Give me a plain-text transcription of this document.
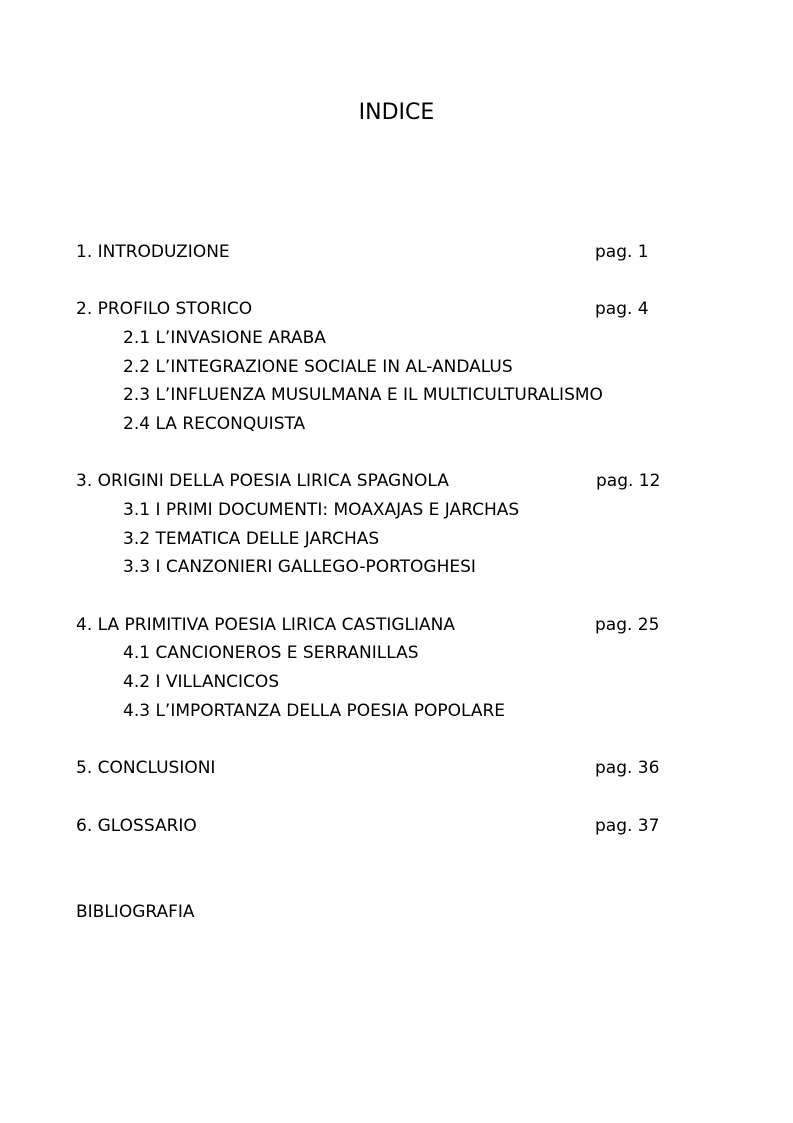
INDICE
1. INTRODUZIONE	pag. 1
2. PROFILO STORICO	pag. 4
2.1 L’INVASIONE ARABA
2.2 L’INTEGRAZIONE SOCIALE IN AL-ANDALUS
2.3 L’INFLUENZA MUSULMANA E IL MULTICULTURALISMO
2.4 LA RECONQUISTA
3. ORIGINI DELLA POESIA LIRICA SPAGNOLA	pag. 12
3.1 I PRIMI DOCUMENTI: MOAXAJAS E JARCHAS
3.2 TEMATICA DELLE JARCHAS
3.3 I CANZONIERI GALLEGO-PORTOGHESI
4. LA PRIMITIVA POESIA LIRICA CASTIGLIANA	pag. 25
4.1 CANCIONEROS E SERRANILLAS
4.2 I VILLANCICOS
4.3 L’IMPORTANZA DELLA POESIA POPOLARE
5. CONCLUSIONI	pag. 36
6. GLOSSARIO	pag. 37
BIBLIOGRAFIA
